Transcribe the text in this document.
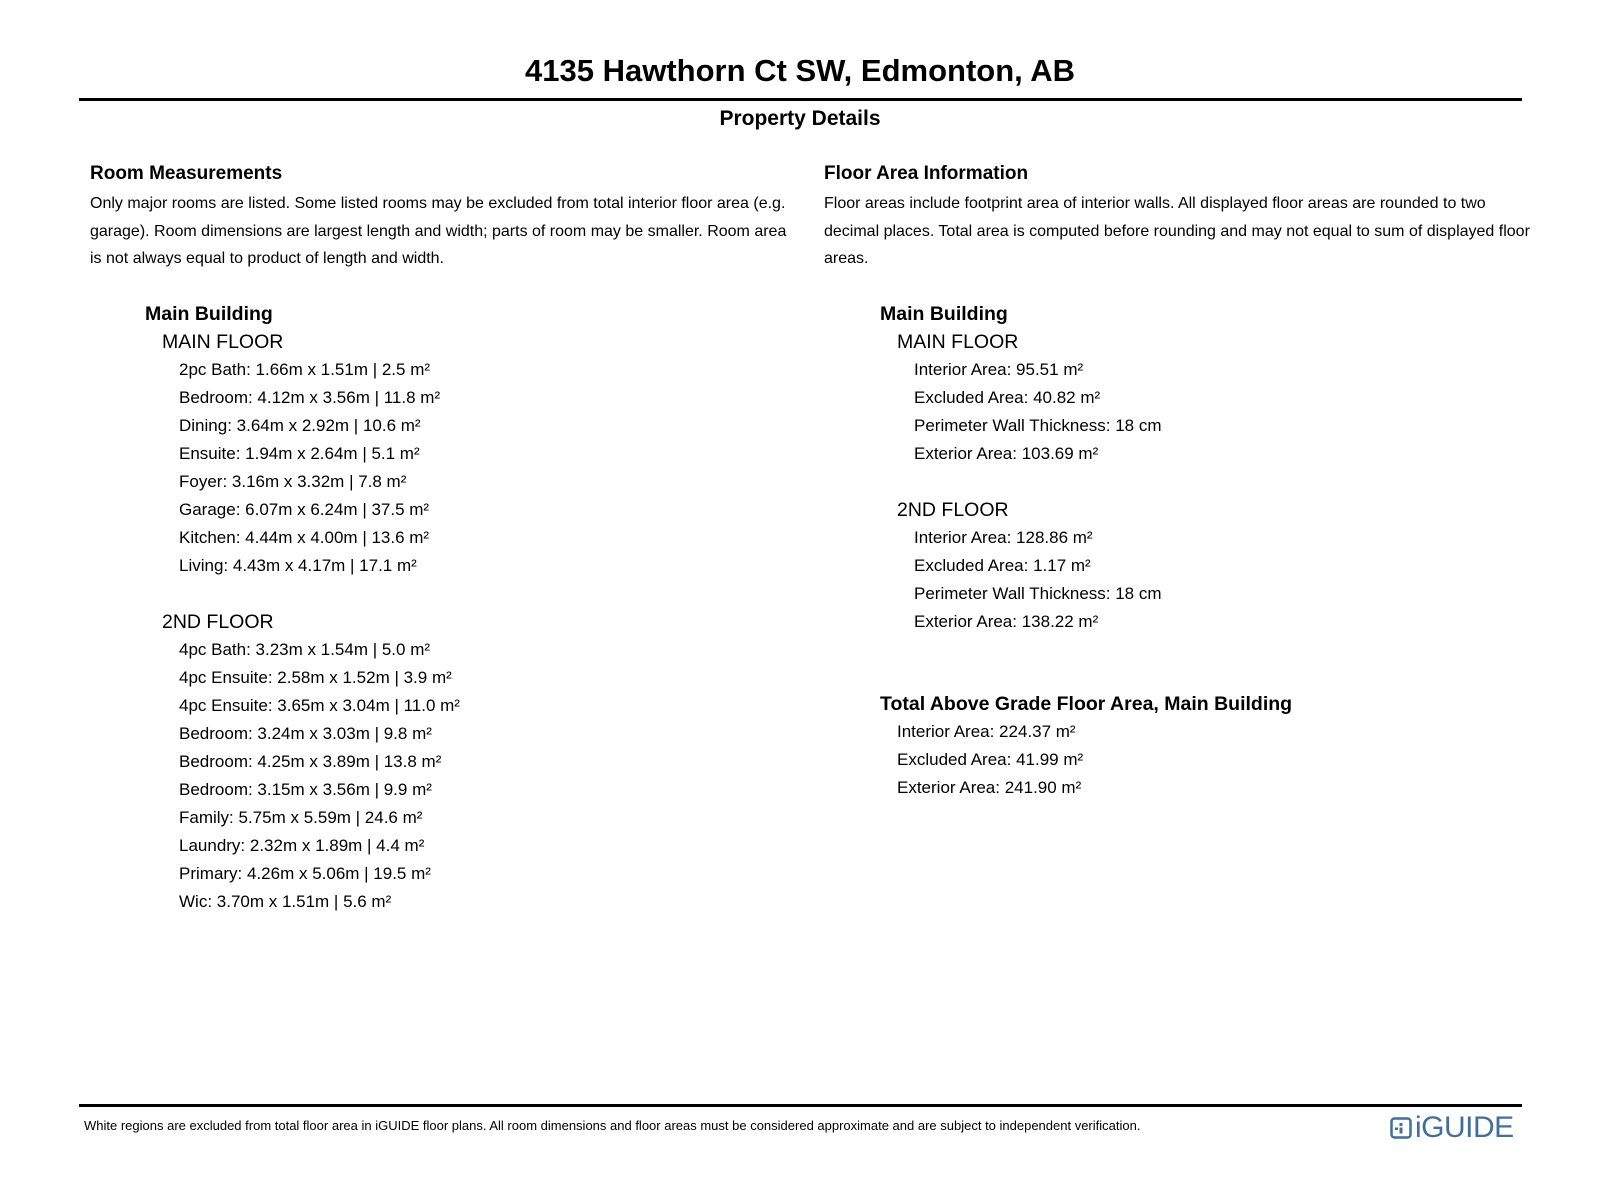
4135 Hawthorn Ct SW, Edmonton, AB
Property Details
Room Measurements
Only major rooms are listed. Some listed rooms may be excluded from total interior floor area (e.g. garage). Room dimensions are largest length and width; parts of room may be smaller. Room area is not always equal to product of length and width.
Main Building
MAIN FLOOR
2pc Bath: 1.66m x 1.51m | 2.5 m²
Bedroom: 4.12m x 3.56m | 11.8 m²
Dining: 3.64m x 2.92m | 10.6 m²
Ensuite: 1.94m x 2.64m | 5.1 m²
Foyer: 3.16m x 3.32m | 7.8 m²
Garage: 6.07m x 6.24m | 37.5 m²
Kitchen: 4.44m x 4.00m | 13.6 m²
Living: 4.43m x 4.17m | 17.1 m²
2ND FLOOR
4pc Bath: 3.23m x 1.54m | 5.0 m²
4pc Ensuite: 2.58m x 1.52m | 3.9 m²
4pc Ensuite: 3.65m x 3.04m | 11.0 m²
Bedroom: 3.24m x 3.03m | 9.8 m²
Bedroom: 4.25m x 3.89m | 13.8 m²
Bedroom: 3.15m x 3.56m | 9.9 m²
Family: 5.75m x 5.59m | 24.6 m²
Laundry: 2.32m x 1.89m | 4.4 m²
Primary: 4.26m x 5.06m | 19.5 m²
Wic: 3.70m x 1.51m | 5.6 m²
Floor Area Information
Floor areas include footprint area of interior walls. All displayed floor areas are rounded to two decimal places. Total area is computed before rounding and may not equal to sum of displayed floor areas.
Main Building
MAIN FLOOR
Interior Area: 95.51 m²
Excluded Area: 40.82 m²
Perimeter Wall Thickness: 18 cm
Exterior Area: 103.69 m²
2ND FLOOR
Interior Area: 128.86 m²
Excluded Area: 1.17 m²
Perimeter Wall Thickness: 18 cm
Exterior Area: 138.22 m²
Total Above Grade Floor Area, Main Building
Interior Area: 224.37 m²
Excluded Area: 41.99 m²
Exterior Area: 241.90 m²
White regions are excluded from total floor area in iGUIDE floor plans. All room dimensions and floor areas must be considered approximate and are subject to independent verification.	iGUIDE
